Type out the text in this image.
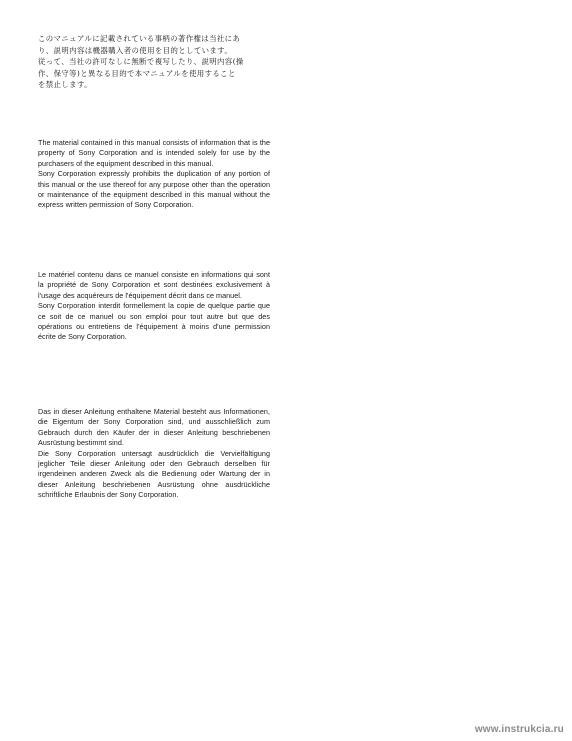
このマニュアルに記載されている事柄の著作権は当社にあ

り、説明内容は機器購入者の使用を目的としています。

従って、当社の許可なしに無断で複写したり、説明内容(操

作、保守等)と異なる目的で本マニュアルを使用すること

を禁止します。

The material contained in this manual consists of information that is the property of Sony Corporation and is intended solely for use by the purchasers of the equipment described in this manual.

Sony Corporation expressly prohibits the duplication of any portion of this manual or the use thereof for any purpose other than the operation or maintenance of the equipment described in this manual without the express written permission of Sony Corporation.

Le matériel contenu dans ce manuel consiste en informations qui sont la propriété de Sony Corporation et sont destinées exclusivement à l'usage des acquéreurs de l'équipement décrit dans ce manuel.

Sony Corporation interdit formellement la copie de quelque partie que ce soit de ce manuel ou son emploi pour tout autre but que des opérations ou entretiens de l'équipement à moins d'une permission écrite de Sony Corporation.

Das in dieser Anleitung enthaltene Material besteht aus Informationen, die Eigentum der Sony Corporation sind, und ausschließlich zum Gebrauch durch den Käufer der in dieser Anleitung beschriebenen Ausrüstung bestimmt sind.

Die Sony Corporation untersagt ausdrücklich die Vervielfältigung jeglicher Teile dieser Anleitung oder den Gebrauch derselben für irgendeinen anderen Zweck als die Bedienung oder Wartung der in dieser Anleitung beschriebenen Ausrüstung ohne ausdrückliche schriftliche Erlaubnis der Sony Corporation.

www.instrukcia.ru
